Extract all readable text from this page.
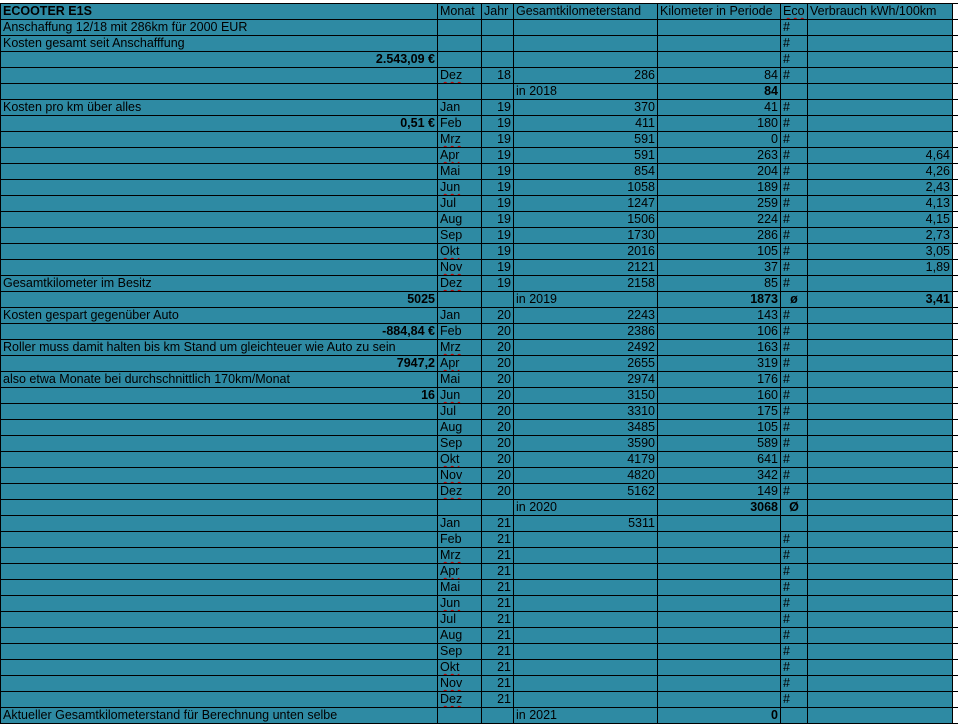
ECOOTER E1S	Monat	Jahr	Gesamtkilometerstand	Kilometer in Periode	Eco	Verbrauch kWh/100km	
Anschaffung 12/18 mit 286km für 2000 EUR					#		
Kosten gesamt seit Anschafffung					#		
2.543,09 €					#		
	Dez	18	286	84	#		
			in 2018	84			
Kosten pro km über alles	Jan	19	370	41	#		
0,51 €	Feb	19	411	180	#		
	Mrz	19	591	0	#		
	Apr	19	591	263	#	4,64	
	Mai	19	854	204	#	4,26	
	Jun	19	1058	189	#	2,43	
	Jul	19	1247	259	#	4,13	
	Aug	19	1506	224	#	4,15	
	Sep	19	1730	286	#	2,73	
	Okt	19	2016	105	#	3,05	
	Nov	19	2121	37	#	1,89	
Gesamtkilometer im Besitz	Dez	19	2158	85	#		
5025			in 2019	1873	ø	3,41	
Kosten gespart gegenüber Auto	Jan	20	2243	143	#		
-884,84 €	Feb	20	2386	106	#		
Roller muss damit halten bis km Stand um gleichteuer wie Auto zu sein	Mrz	20	2492	163	#		
7947,2	Apr	20	2655	319	#		
also etwa Monate bei durchschnittlich 170km/Monat	Mai	20	2974	176	#		
16	Jun	20	3150	160	#		
	Jul	20	3310	175	#		
	Aug	20	3485	105	#		
	Sep	20	3590	589	#		
	Okt	20	4179	641	#		
	Nov	20	4820	342	#		
	Dez	20	5162	149	#		
			in 2020	3068	Ø		
	Jan	21	5311				
	Feb	21			#		
	Mrz	21			#		
	Apr	21			#		
	Mai	21			#		
	Jun	21			#		
	Jul	21			#		
	Aug	21			#		
	Sep	21			#		
	Okt	21			#		
	Nov	21			#		
	Dez	21			#		
Aktueller Gesamtkilometerstand für Berechnung unten selbe			in 2021	0			
